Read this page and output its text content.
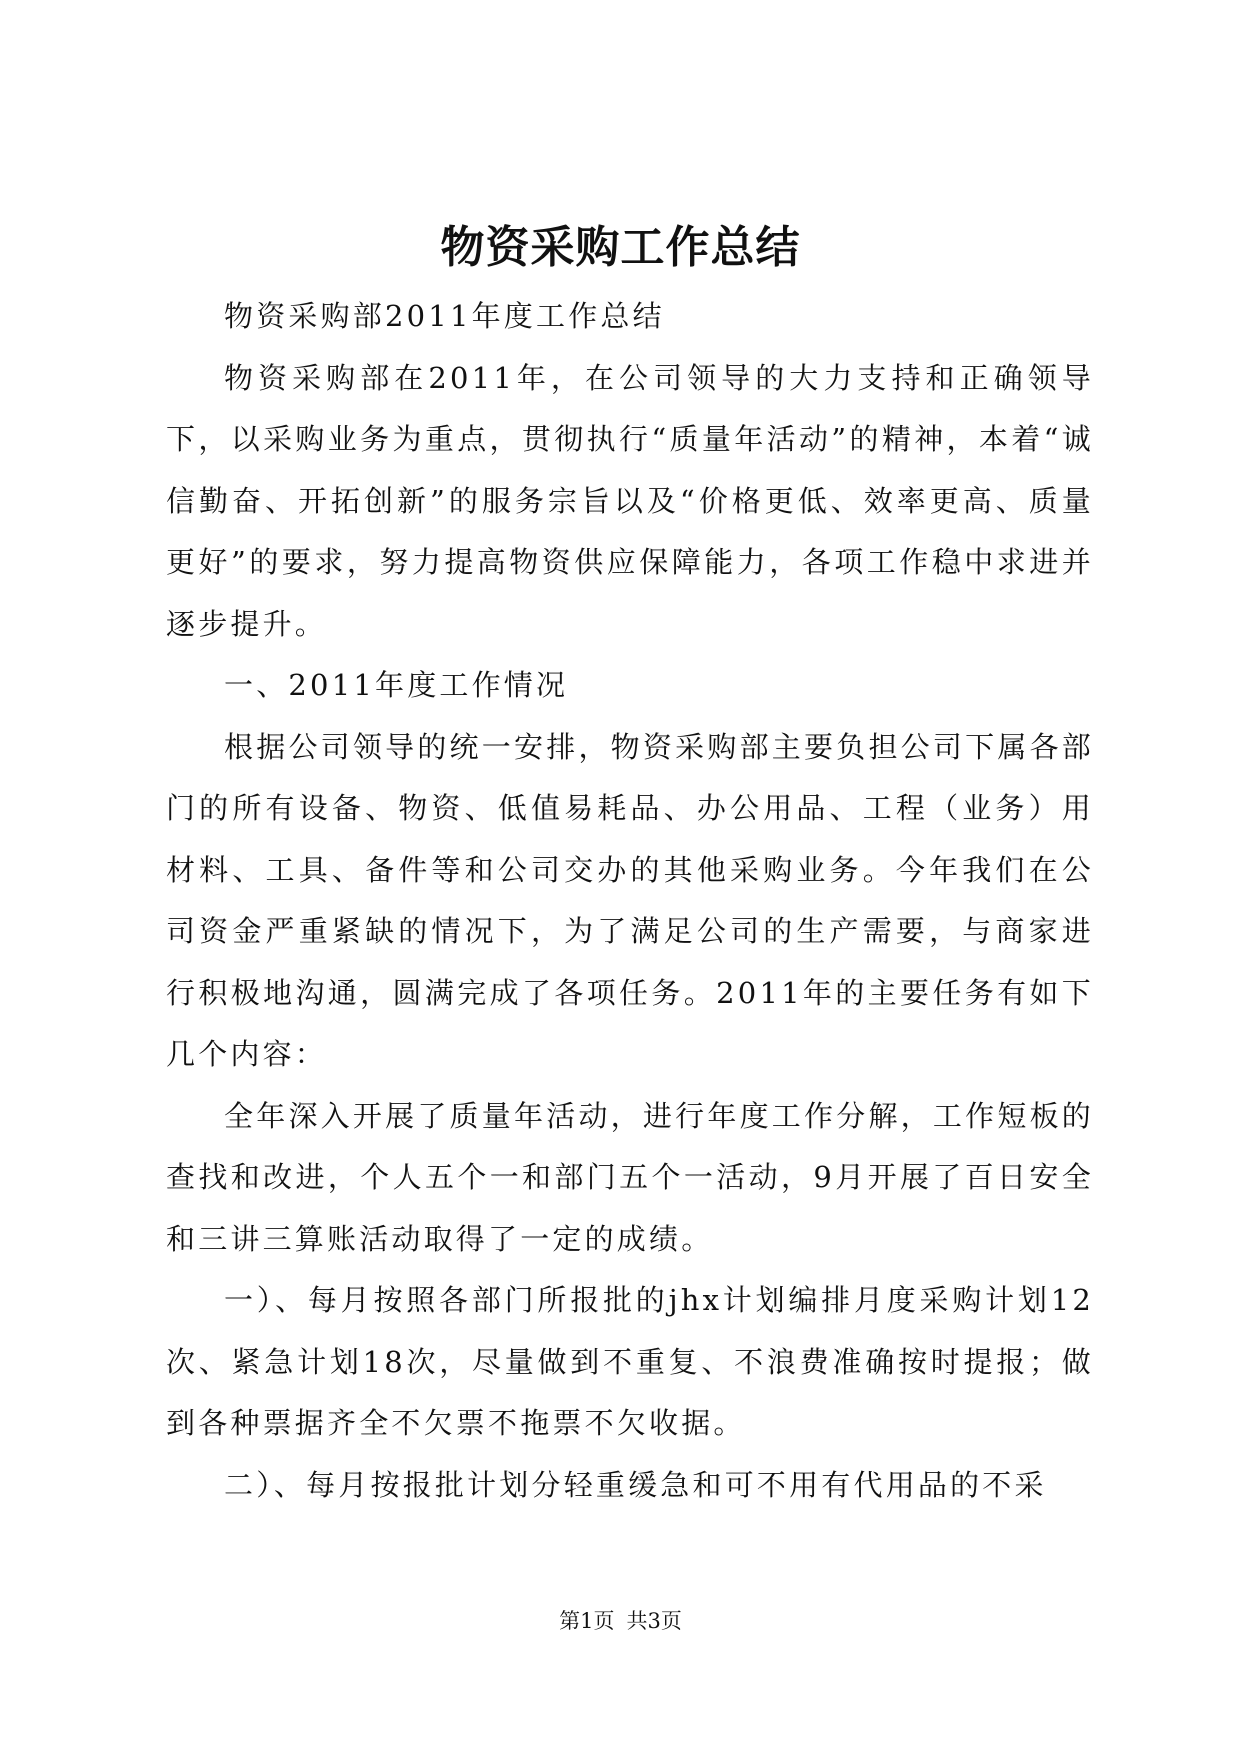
物资采购工作总结

物资采购部2011年度工作总结

物资采购部在2011年，在公司领导的大力支持和正确领导下，以采购业务为重点，贯彻执行“质量年活动”的精神，本着“诚信勤奋、开拓创新”的服务宗旨以及“价格更低、效率更高、质量更好”的要求，努力提高物资供应保障能力，各项工作稳中求进并逐步提升。

一、2011年度工作情况

根据公司领导的统一安排，物资采购部主要负担公司下属各部门的所有设备、物资、低值易耗品、办公用品、工程（业务）用材料、工具、备件等和公司交办的其他采购业务。今年我们在公司资金严重紧缺的情况下，为了满足公司的生产需要，与商家进行积极地沟通，圆满完成了各项任务。2011年的主要任务有如下几个内容：

全年深入开展了质量年活动，进行年度工作分解，工作短板的查找和改进，个人五个一和部门五个一活动，9月开展了百日安全和三讲三算账活动取得了一定的成绩。

一）、每月按照各部门所报批的jhx计划编排月度采购计划12次、紧急计划18次，尽量做到不重复、不浪费准确按时提报；做到各种票据齐全不欠票不拖票不欠收据。

二）、每月按报批计划分轻重缓急和可不用有代用品的不采

第1页 共3页
